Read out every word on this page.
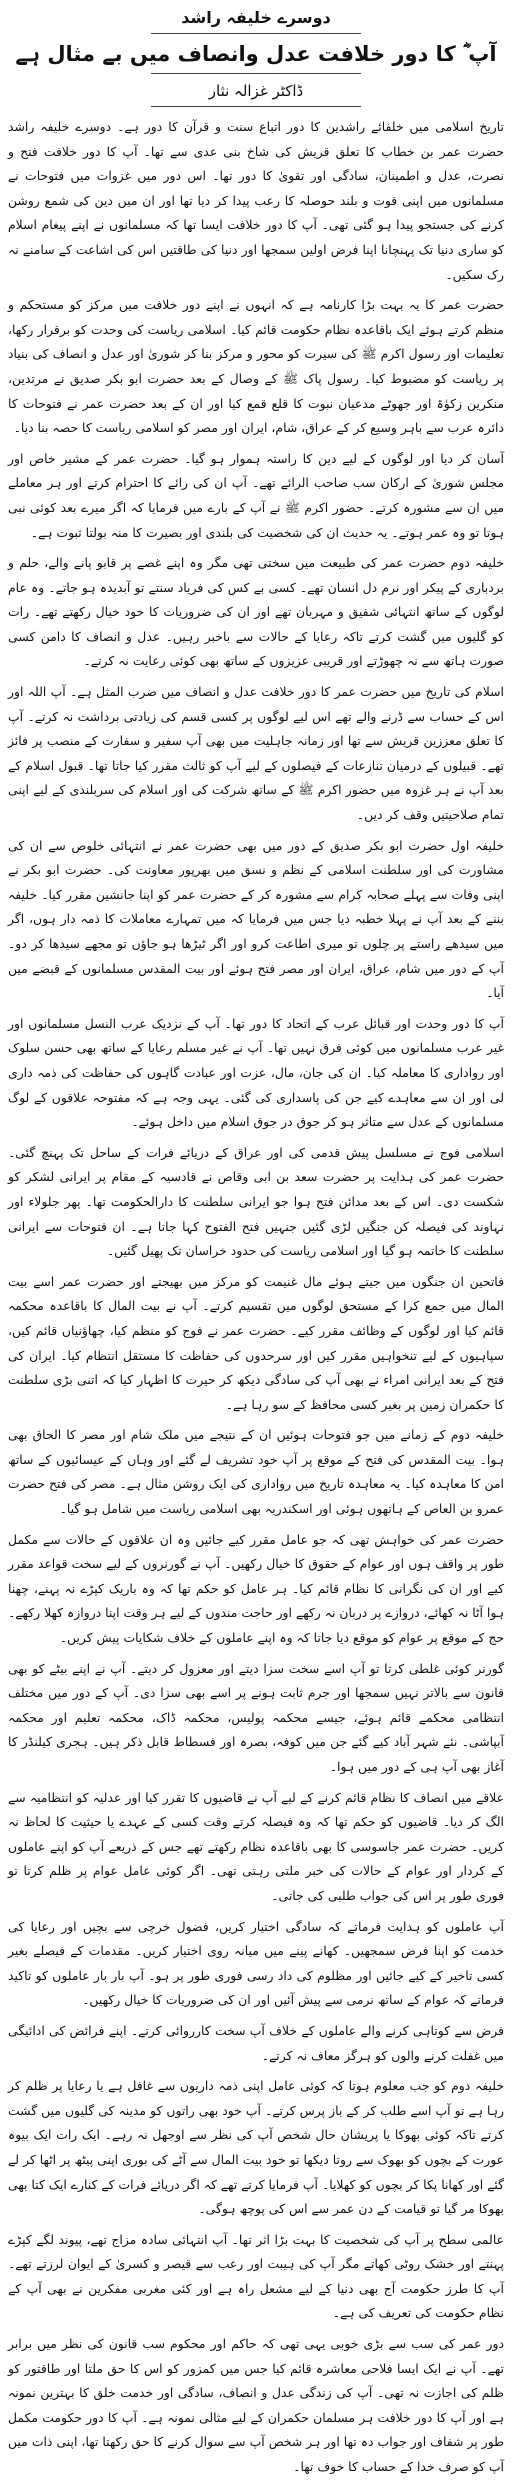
دوسرے خلیفہ راشد
آپ ؓ کا دور خلافت عدل وانصاف میں بے مثال ہے
ڈاکٹر غزالہ نثار

تاریخ اسلامی میں خلفائے راشدین کا دور اتباع سنت و قرآن کا دور ہے۔ دوسرے خلیفہ راشد حضرت عمر بن خطاب کا تعلق قریش کی شاخ بنی عدی سے تھا۔ آپ کا دور خلافت فتح و نصرت، عدل و اطمینان، سادگی اور تقویٰ کا دور تھا۔ اس دور میں غزوات میں فتوحات نے مسلمانوں میں اپنی قوت و بلند حوصلہ کا رعب پیدا کر دیا تھا اور ان میں دین کی شمع روشن کرنے کی جستجو پیدا ہو گئی تھی۔ آپ کا دور خلافت ایسا تھا کہ مسلمانوں نے اپنے پیغام اسلام کو ساری دنیا تک پہنچانا اپنا فرض اولین سمجھا اور دنیا کی طاقتیں اس کی اشاعت کے سامنے نہ رک سکیں۔

حضرت عمر کا یہ بہت بڑا کارنامہ ہے کہ انہوں نے اپنے دور خلافت میں مرکز کو مستحکم و منظم کرتے ہوئے ایک باقاعدہ نظام حکومت قائم کیا۔ اسلامی ریاست کی وحدت کو برقرار رکھا، تعلیمات اور رسول اکرم ﷺ کی سیرت کو محور و مرکز بنا کر شوریٰ اور عدل و انصاف کی بنیاد پر ریاست کو مضبوط کیا۔ رسول پاک ﷺ کے وصال کے بعد حضرت ابو بکر صدیق نے مرتدین، منکرین زکوٰۃ اور جھوٹے مدعیان نبوت کا قلع قمع کیا اور ان کے بعد حضرت عمر نے فتوحات کا دائرہ عرب سے باہر وسیع کر کے عراق، شام، ایران اور مصر کو اسلامی ریاست کا حصہ بنا دیا۔

آسان کر دیا اور لوگوں کے لیے دین کا راستہ ہموار ہو گیا۔ حضرت عمر کے مشیر خاص اور مجلس شوریٰ کے ارکان سب صاحب الرائے تھے۔ آپ ان کی رائے کا احترام کرتے اور ہر معاملے میں ان سے مشورہ کرتے۔ حضور اکرم ﷺ نے آپ کے بارے میں فرمایا کہ اگر میرے بعد کوئی نبی ہوتا تو وہ عمر ہوتے۔ یہ حدیث ان کی شخصیت کی بلندی اور بصیرت کا منہ بولتا ثبوت ہے۔

خلیفہ دوم حضرت عمر کی طبیعت میں سختی تھی مگر وہ اپنے غصے پر قابو پانے والے، حلم و بردباری کے پیکر اور نرم دل انسان تھے۔ کسی بے کس کی فریاد سنتے تو آبدیدہ ہو جاتے۔ وہ عام لوگوں کے ساتھ انتہائی شفیق و مہربان تھے اور ان کی ضروریات کا خود خیال رکھتے تھے۔ رات کو گلیوں میں گشت کرتے تاکہ رعایا کے حالات سے باخبر رہیں۔ عدل و انصاف کا دامن کسی صورت ہاتھ سے نہ چھوڑتے اور قریبی عزیزوں کے ساتھ بھی کوئی رعایت نہ کرتے۔

اسلام کی تاریخ میں حضرت عمر کا دور خلافت عدل و انصاف میں ضرب المثل ہے۔ آپ اللہ اور اس کے حساب سے ڈرنے والے تھے اس لیے لوگوں پر کسی قسم کی زیادتی برداشت نہ کرتے۔ آپ کا تعلق معززین قریش سے تھا اور زمانہ جاہلیت میں بھی آپ سفیر و سفارت کے منصب پر فائز تھے۔ قبیلوں کے درمیان تنازعات کے فیصلوں کے لیے آپ کو ثالث مقرر کیا جاتا تھا۔ قبول اسلام کے بعد آپ نے ہر غزوہ میں حضور اکرم ﷺ کے ساتھ شرکت کی اور اسلام کی سربلندی کے لیے اپنی تمام صلاحیتیں وقف کر دیں۔

خلیفہ اول حضرت ابو بکر صدیق کے دور میں بھی حضرت عمر نے انتہائی خلوص سے ان کی مشاورت کی اور سلطنت اسلامی کے نظم و نسق میں بھرپور معاونت کی۔ حضرت ابو بکر نے اپنی وفات سے پہلے صحابہ کرام سے مشورہ کر کے حضرت عمر کو اپنا جانشین مقرر کیا۔ خلیفہ بننے کے بعد آپ نے پہلا خطبہ دیا جس میں فرمایا کہ میں تمہارے معاملات کا ذمہ دار ہوں، اگر میں سیدھے راستے پر چلوں تو میری اطاعت کرو اور اگر ٹیڑھا ہو جاؤں تو مجھے سیدھا کر دو۔ آپ کے دور میں شام، عراق، ایران اور مصر فتح ہوئے اور بیت المقدس مسلمانوں کے قبضے میں آیا۔

آپ کا دور وحدت اور قبائل عرب کے اتحاد کا دور تھا۔ آپ کے نزدیک عرب النسل مسلمانوں اور غیر عرب مسلمانوں میں کوئی فرق نہیں تھا۔ آپ نے غیر مسلم رعایا کے ساتھ بھی حسن سلوک اور رواداری کا معاملہ کیا۔ ان کی جان، مال، عزت اور عبادت گاہوں کی حفاظت کی ذمہ داری لی اور ان سے معاہدے کیے جن کی پاسداری کی گئی۔ یہی وجہ ہے کہ مفتوحہ علاقوں کے لوگ مسلمانوں کے عدل سے متاثر ہو کر جوق در جوق اسلام میں داخل ہوئے۔

اسلامی فوج نے مسلسل پیش قدمی کی اور عراق کے دریائے فرات کے ساحل تک پہنچ گئی۔ حضرت عمر کی ہدایت پر حضرت سعد بن ابی وقاص نے قادسیہ کے مقام پر ایرانی لشکر کو شکست دی۔ اس کے بعد مدائن فتح ہوا جو ایرانی سلطنت کا دارالحکومت تھا۔ پھر جلولاء اور نہاوند کی فیصلہ کن جنگیں لڑی گئیں جنہیں فتح الفتوح کہا جاتا ہے۔ ان فتوحات سے ایرانی سلطنت کا خاتمہ ہو گیا اور اسلامی ریاست کی حدود خراسان تک پھیل گئیں۔

فاتحین ان جنگوں میں جیتے ہوئے مال غنیمت کو مرکز میں بھیجتے اور حضرت عمر اسے بیت المال میں جمع کرا کے مستحق لوگوں میں تقسیم کرتے۔ آپ نے بیت المال کا باقاعدہ محکمہ قائم کیا اور لوگوں کے وظائف مقرر کیے۔ حضرت عمر نے فوج کو منظم کیا، چھاؤنیاں قائم کیں، سپاہیوں کے لیے تنخواہیں مقرر کیں اور سرحدوں کی حفاظت کا مستقل انتظام کیا۔ ایران کی فتح کے بعد ایرانی امراء نے بھی آپ کی سادگی دیکھ کر حیرت کا اظہار کیا کہ اتنی بڑی سلطنت کا حکمران زمین پر بغیر کسی محافظ کے سو رہا ہے۔

خلیفہ دوم کے زمانے میں جو فتوحات ہوئیں ان کے نتیجے میں ملک شام اور مصر کا الحاق بھی ہوا۔ بیت المقدس کی فتح کے موقع پر آپ خود تشریف لے گئے اور وہاں کے عیسائیوں کے ساتھ امن کا معاہدہ کیا۔ یہ معاہدہ تاریخ میں رواداری کی ایک روشن مثال ہے۔ مصر کی فتح حضرت عمرو بن العاص کے ہاتھوں ہوئی اور اسکندریہ بھی اسلامی ریاست میں شامل ہو گیا۔

حضرت عمر کی خواہش تھی کہ جو عامل مقرر کیے جائیں وہ ان علاقوں کے حالات سے مکمل طور پر واقف ہوں اور عوام کے حقوق کا خیال رکھیں۔ آپ نے گورنروں کے لیے سخت قواعد مقرر کیے اور ان کی نگرانی کا نظام قائم کیا۔ ہر عامل کو حکم تھا کہ وہ باریک کپڑے نہ پہنے، چھنا ہوا آٹا نہ کھائے، دروازے پر دربان نہ رکھے اور حاجت مندوں کے لیے ہر وقت اپنا دروازہ کھلا رکھے۔ حج کے موقع پر عوام کو موقع دیا جاتا کہ وہ اپنے عاملوں کے خلاف شکایات پیش کریں۔

گورنر کوئی غلطی کرتا تو آپ اسے سخت سزا دیتے اور معزول کر دیتے۔ آپ نے اپنے بیٹے کو بھی قانون سے بالاتر نہیں سمجھا اور جرم ثابت ہونے پر اسے بھی سزا دی۔ آپ کے دور میں مختلف انتظامی محکمے قائم ہوئے، جیسے محکمہ پولیس، محکمہ ڈاک، محکمہ تعلیم اور محکمہ آبپاشی۔ نئے شہر آباد کیے گئے جن میں کوفہ، بصرہ اور فسطاط قابل ذکر ہیں۔ ہجری کیلنڈر کا آغاز بھی آپ ہی کے دور میں ہوا۔

علاقے میں انصاف کا نظام قائم کرنے کے لیے آپ نے قاضیوں کا تقرر کیا اور عدلیہ کو انتظامیہ سے الگ کر دیا۔ قاضیوں کو حکم تھا کہ وہ فیصلہ کرتے وقت کسی کے عہدے یا حیثیت کا لحاظ نہ کریں۔ حضرت عمر جاسوسی کا بھی باقاعدہ نظام رکھتے تھے جس کے ذریعے آپ کو اپنے عاملوں کے کردار اور عوام کے حالات کی خبر ملتی رہتی تھی۔ اگر کوئی عامل عوام پر ظلم کرتا تو فوری طور پر اس کی جواب طلبی کی جاتی۔

آپ عاملوں کو ہدایت فرماتے کہ سادگی اختیار کریں، فضول خرچی سے بچیں اور رعایا کی خدمت کو اپنا فرض سمجھیں۔ کھانے پینے میں میانہ روی اختیار کریں۔ مقدمات کے فیصلے بغیر کسی تاخیر کے کیے جائیں اور مظلوم کی داد رسی فوری طور پر ہو۔ آپ بار بار عاملوں کو تاکید فرماتے کہ عوام کے ساتھ نرمی سے پیش آئیں اور ان کی ضروریات کا خیال رکھیں۔

فرض سے کوتاہی کرنے والے عاملوں کے خلاف آپ سخت کارروائی کرتے۔ اپنے فرائض کی ادائیگی میں غفلت کرنے والوں کو ہرگز معاف نہ کرتے۔

خلیفہ دوم کو جب معلوم ہوتا کہ کوئی عامل اپنی ذمہ داریوں سے غافل ہے یا رعایا پر ظلم کر رہا ہے تو آپ اسے طلب کر کے باز پرس کرتے۔ آپ خود بھی راتوں کو مدینہ کی گلیوں میں گشت کرتے تاکہ کوئی بھوکا یا پریشان حال شخص آپ کی نظر سے اوجھل نہ رہے۔ ایک رات ایک بیوہ عورت کے بچوں کو بھوک سے روتا دیکھا تو خود بیت المال سے آٹے کی بوری اپنی پیٹھ پر اٹھا کر لے گئے اور کھانا پکا کر بچوں کو کھلایا۔ آپ فرمایا کرتے تھے کہ اگر دریائے فرات کے کنارے ایک کتا بھی بھوکا مر گیا تو قیامت کے دن عمر سے اس کی پوچھ ہوگی۔

عالمی سطح پر آپ کی شخصیت کا بہت بڑا اثر تھا۔ آپ انتہائی سادہ مزاج تھے، پیوند لگے کپڑے پہنتے اور خشک روٹی کھاتے مگر آپ کی ہیبت اور رعب سے قیصر و کسریٰ کے ایوان لرزتے تھے۔ آپ کا طرز حکومت آج بھی دنیا کے لیے مشعل راہ ہے اور کئی مغربی مفکرین نے بھی آپ کے نظام حکومت کی تعریف کی ہے۔

دور عمر کی سب سے بڑی خوبی یہی تھی کہ حاکم اور محکوم سب قانون کی نظر میں برابر تھے۔ آپ نے ایک ایسا فلاحی معاشرہ قائم کیا جس میں کمزور کو اس کا حق ملتا اور طاقتور کو ظلم کی اجازت نہ تھی۔ آپ کی زندگی عدل و انصاف، سادگی اور خدمت خلق کا بہترین نمونہ ہے اور آپ کا دور خلافت ہر مسلمان حکمران کے لیے مثالی نمونہ ہے۔ آپ کا دور حکومت مکمل طور پر شفاف اور جواب دہ تھا اور ہر شخص آپ سے سوال کرنے کا حق رکھتا تھا، اپنی ذات میں آپ کو صرف خدا کے حساب کا خوف تھا۔
